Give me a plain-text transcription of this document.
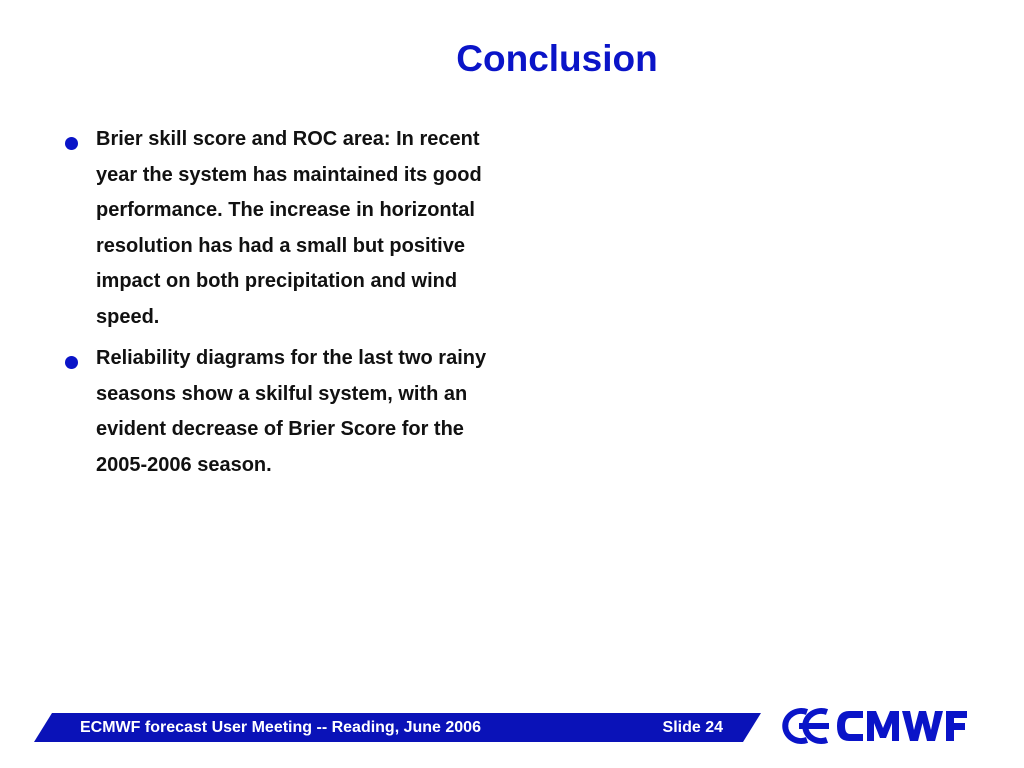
Conclusion
Brier skill score and ROC area: In recent year the system has maintained its good performance. The increase in horizontal resolution has had a small but positive impact on both precipitation and wind speed.
Reliability diagrams for the last two rainy seasons show a skilful system, with an evident decrease of Brier Score for the 2005-2006 season.
ECMWF forecast User Meeting -- Reading, June 2006	Slide 24
